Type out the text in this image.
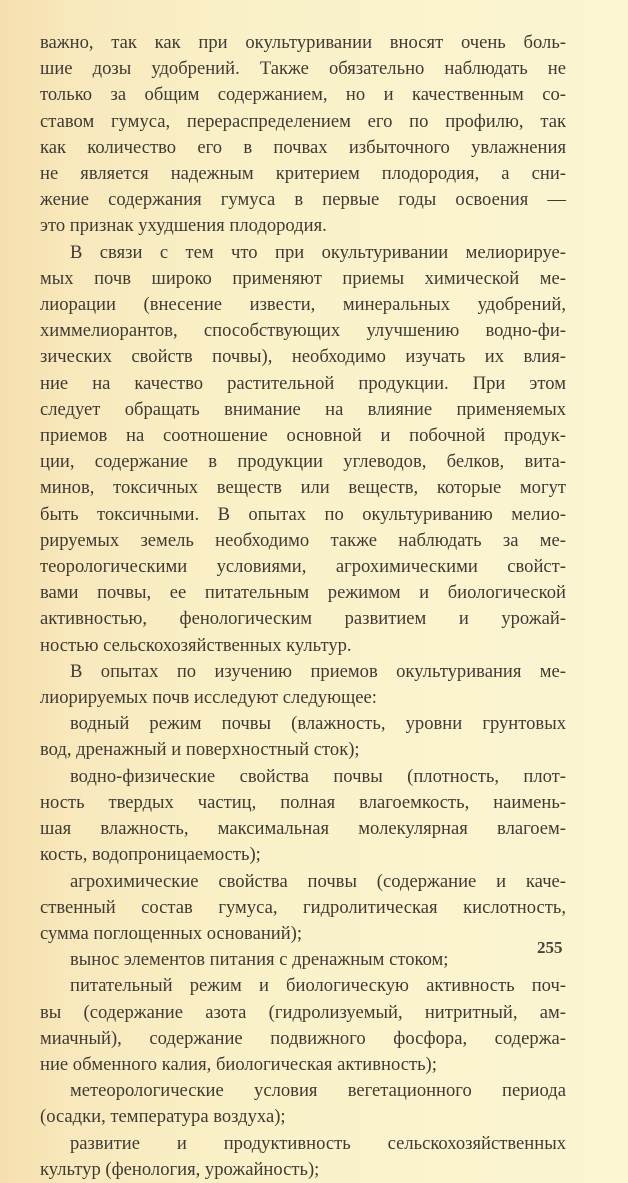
важно, так как при окультуривании вносят очень боль-
шие дозы удобрений. Также обязательно наблюдать не
только за общим содержанием, но и качественным со-
ставом гумуса, перераспределением его по профилю, так
как количество его в почвах избыточного увлажнения
не является надежным критерием плодородия, а сни-
жение содержания гумуса в первые годы освоения —
это признак ухудшения плодородия.
В связи с тем что при окультуривании мелиорируе-
мых почв широко применяют приемы химической ме-
лиорации (внесение извести, минеральных удобрений,
химмелиорантов, способствующих улучшению водно-фи-
зических свойств почвы), необходимо изучать их влия-
ние на качество растительной продукции. При этом
следует обращать внимание на влияние применяемых
приемов на соотношение основной и побочной продук-
ции, содержание в продукции углеводов, белков, вита-
минов, токсичных веществ или веществ, которые могут
быть токсичными. В опытах по окультуриванию мелио-
рируемых земель необходимо также наблюдать за ме-
теорологическими условиями, агрохимическими свойст-
вами почвы, ее питательным режимом и биологической
активностью, фенологическим развитием и урожай-
ностью сельскохозяйственных культур.
В опытах по изучению приемов окультуривания ме-
лиорируемых почв исследуют следующее:
водный режим почвы (влажность, уровни грунтовых
вод, дренажный и поверхностный сток);
водно-физические свойства почвы (плотность, плот-
ность твердых частиц, полная влагоемкость, наимень-
шая влажность, максимальная молекулярная влагоем-
кость, водопроницаемость);
агрохимические свойства почвы (содержание и каче-
ственный состав гумуса, гидролитическая кислотность,
сумма поглощенных оснований);
вынос элементов питания с дренажным стоком;
питательный режим и биологическую активность поч-
вы (содержание азота (гидролизуемый, нитритный, ам-
миачный), содержание подвижного фосфора, содержа-
ние обменного калия, биологическая активность);
метеорологические условия вегетационного периода
(осадки, температура воздуха);
развитие и продуктивность сельскохозяйственных
культур (фенология, урожайность);
255
